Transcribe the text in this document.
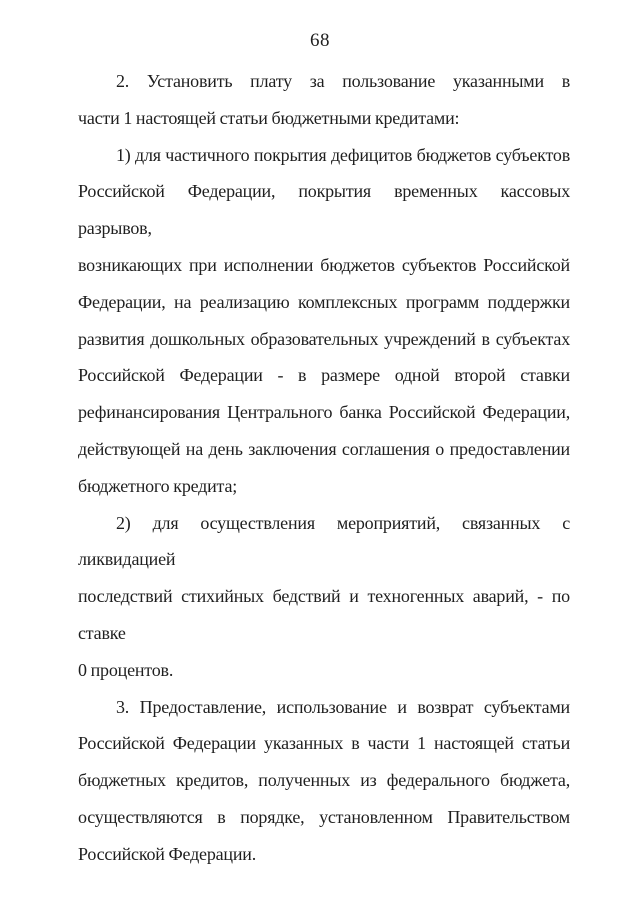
68
2. Установить плату за пользование указанными в
части 1 настоящей статьи бюджетными кредитами:
1) для частичного покрытия дефицитов бюджетов субъектов
Российской Федерации, покрытия временных кассовых разрывов,
возникающих при исполнении бюджетов субъектов Российской
Федерации, на реализацию комплексных программ поддержки
развития дошкольных образовательных учреждений в субъектах
Российской Федерации - в размере одной второй ставки
рефинансирования Центрального банка Российской Федерации,
действующей на день заключения соглашения о предоставлении
бюджетного кредита;
2) для осуществления мероприятий, связанных с ликвидацией
последствий стихийных бедствий и техногенных аварий, - по ставке
0 процентов.
3. Предоставление, использование и возврат субъектами
Российской Федерации указанных в части 1 настоящей статьи
бюджетных кредитов, полученных из федерального бюджета,
осуществляются в порядке, установленном Правительством
Российской Федерации.
